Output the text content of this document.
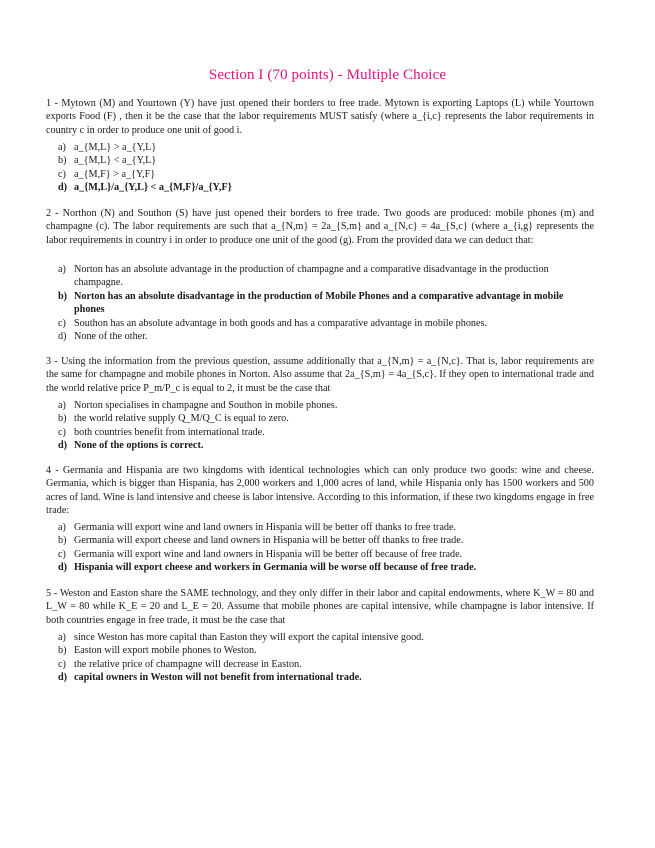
Section I (70 points) - Multiple Choice
1 - Mytown (M) and Yourtown (Y) have just opened their borders to free trade. Mytown is exporting Laptops (L) while Yourtown exports Food (F) , then it be the case that the labor requirements MUST satisfy (where a_{i,c} represents the labor requirements in country c in order to produce one unit of good i.
a) a_{M,L} > a_{Y,L}
b) a_{M,L} < a_{Y,L}
c) a_{M,F} > a_{Y,F}
d) a_{M,L}/a_{Y,L} < a_{M,F}/a_{Y,F}
2 - Northon (N) and Southon (S) have just opened their borders to free trade. Two goods are produced: mobile phones (m) and champagne (c). The labor requirements are such that a_{N,m} = 2a_{S,m} and a_{N,c} = 4a_{S,c} (where a_{i,g} represents the labor requirements in country i in order to produce one unit of the good (g). From the provided data we can deduct that:
a) Norton has an absolute advantage in the production of champagne and a comparative disadvantage in the production champagne.
b) Norton has an absolute disadvantage in the production of Mobile Phones and a comparative advantage in mobile phones
c) Southon has an absolute advantage in both goods and has a comparative advantage in mobile phones.
d) None of the other.
3 - Using the information from the previous question, assume additionally that a_{N,m} = a_{N,c}. That is, labor requirements are the same for champagne and mobile phones in Norton. Also assume that 2a_{S,m} = 4a_{S,c}. If they open to international trade and the world relative price P_m/P_c is equal to 2, it must be the case that
a) Norton specialises in champagne and Southon in mobile phones.
b) the world relative supply Q_M/Q_C is equal to zero.
c) both countries benefit from international trade.
d) None of the options is correct.
4 - Germania and Hispania are two kingdoms with identical technologies which can only produce two goods: wine and cheese. Germania, which is bigger than Hispania, has 2,000 workers and 1,000 acres of land, while Hispania only has 1500 workers and 500 acres of land. Wine is land intensive and cheese is labor intensive. According to this information, if these two kingdoms engage in free trade:
a) Germania will export wine and land owners in Hispania will be better off thanks to free trade.
b) Germania will export cheese and land owners in Hispania will be better off thanks to free trade.
c) Germania will export wine and land owners in Hispania will be better off because of free trade.
d) Hispania will export cheese and workers in Germania will be worse off because of free trade.
5 - Weston and Easton share the SAME technology, and they only differ in their labor and capital endowments, where K_W = 80 and L_W = 80 while K_E = 20 and L_E = 20. Assume that mobile phones are capital intensive, while champagne is labor intensive. If both countries engage in free trade, it must be the case that
a) since Weston has more capital than Easton they will export the capital intensive good.
b) Easton will export mobile phones to Weston.
c) the relative price of champagne will decrease in Easton.
d) capital owners in Weston will not benefit from international trade.
